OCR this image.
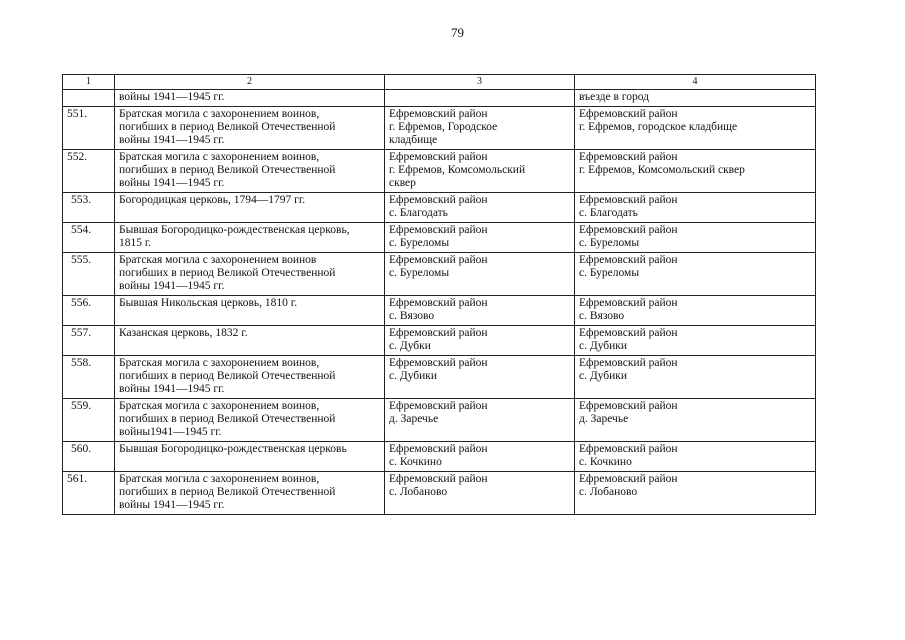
79
1	2	3	4

	войны 1941—1945 гг.		въезде в город

551.	Братская могила с захоронением воинов,
погибших в период Великой Отечественной
войны 1941—1945 гг.	Ефремовский район
г. Ефремов, Городское
кладбище	Ефремовский район
г. Ефремов, городское кладбище

552.	Братская могила с захоронением воинов,
погибших в период Великой Отечественной
войны 1941—1945 гг.	Ефремовский район
г. Ефремов, Комсомольский
сквер	Ефремовский район
г. Ефремов, Комсомольский сквер

553.	Богородицкая церковь, 1794—1797 гг.	Ефремовский район
с. Благодать	Ефремовский район
с. Благодать

554.	Бывшая Богородицко-рождественская церковь,
1815 г.	Ефремовский район
с. Буреломы	Ефремовский район
с. Буреломы

555.	Братская могила с захоронением воинов
погибших в период Великой Отечественной
войны 1941—1945 гг.	Ефремовский район
с. Буреломы	Ефремовский район
с. Буреломы

556.	Бывшая Никольская церковь, 1810 г.	Ефремовский район
с. Вязово	Ефремовский район
с. Вязово

557.	Казанская церковь, 1832 г.	Ефремовский район
с. Дубки	Ефремовский район
с. Дубики

558.	Братская могила с захоронением воинов,
погибших в период Великой Отечественной
войны 1941—1945 гг.	Ефремовский район
с. Дубики	Ефремовский район
с. Дубики

559.	Братская могила с захоронением воинов,
погибших в период Великой Отечественной
войны1941—1945 гг.	Ефремовский район
д. Заречье	Ефремовский район
д. Заречье

560.	Бывшая Богородицко-рождественская церковь	Ефремовский район
с. Кочкино	Ефремовский район
с. Кочкино

561.	Братская могила с захоронением воинов,
погибших в период Великой Отечественной
войны 1941—1945 гг.	Ефремовский район
с. Лобаново	Ефремовский район
с. Лобаново
